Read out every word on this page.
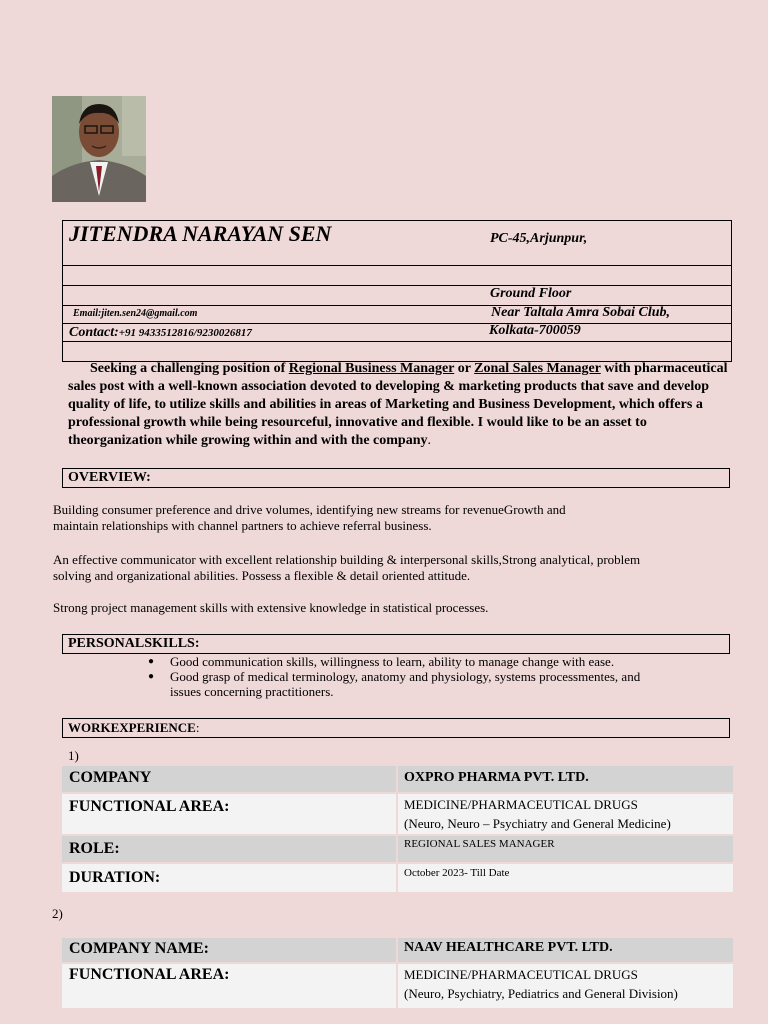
JITENDRA NARAYAN SEN	PC-45,Arjunpur,
Ground Floor
Email:jiten.sen24@gmail.com	Near Taltala Amra Sobai Club,
Contact:+91 9433512816/9230026817	Kolkata-700059
Seeking a challenging position of Regional Business Manager or Zonal Sales Manager with pharmaceutical sales post with a well-known association devoted to developing & marketing products that save and develop quality of life, to utilize skills and abilities in areas of Marketing and Business Development, which offers a professional growth while being resourceful, innovative and flexible. I would like to be an asset to theorganization while growing within and with the company.
OVERVIEW:
Building consumer preference and drive volumes, identifying new streams for revenueGrowth and maintain relationships with channel partners to achieve referral business.
An effective communicator with excellent relationship building & interpersonal skills,Strong analytical, problem solving and organizational abilities. Possess a flexible & detail oriented attitude.
Strong project management skills with extensive knowledge in statistical processes.
PERSONALSKILLS:
● Good communication skills, willingness to learn, ability to manage change with ease.
● Good grasp of medical terminology, anatomy and physiology, systems processmentes, and issues concerning practitioners.
WORKEXPERIENCE:
1)
COMPANY	OXPRO PHARMA PVT. LTD.
FUNCTIONAL AREA:	MEDICINE/PHARMACEUTICAL DRUGS
(Neuro, Neuro – Psychiatry and General Medicine)
ROLE:	REGIONAL SALES MANAGER
DURATION:	October 2023- Till Date
2)
COMPANY NAME:	NAAV HEALTHCARE PVT. LTD.
FUNCTIONAL AREA:	MEDICINE/PHARMACEUTICAL DRUGS
(Neuro, Psychiatry, Pediatrics and General Division)
